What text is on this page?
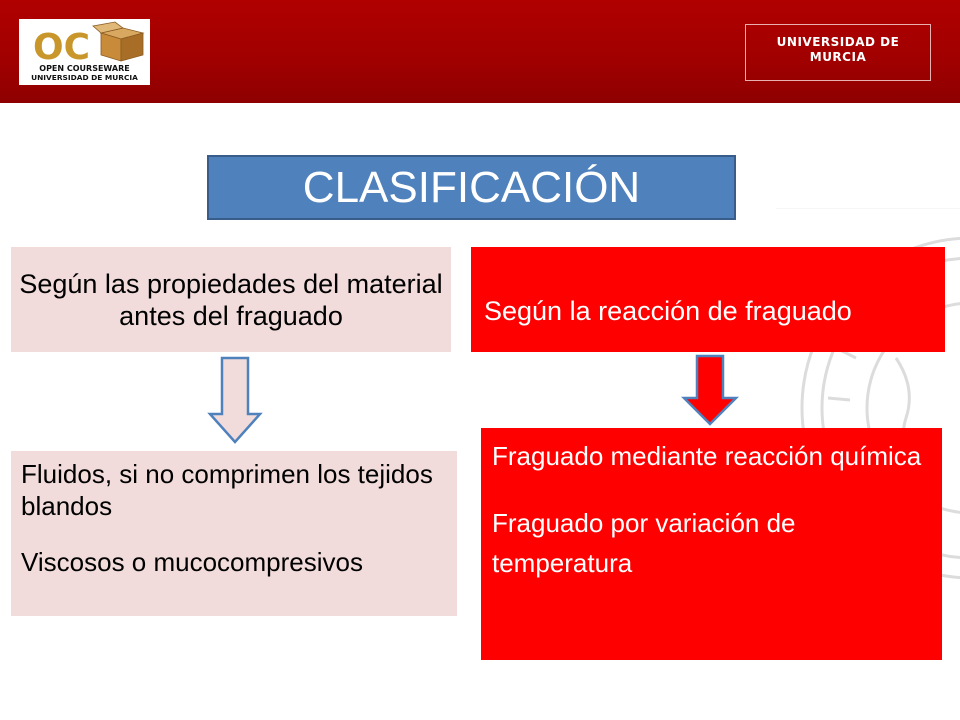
OC
OPEN COURSEWARE
UNIVERSIDAD DE MURCIA
UNIVERSIDAD DE
MURCIA
CLASIFICACIÓN
Según las propiedades del material antes del fraguado	Según la reacción de fraguado

Fluidos, si no comprimen los tejidos blandos

Viscosos o mucocompresivos

Fraguado mediante reacción química

Fraguado por variación de temperatura
